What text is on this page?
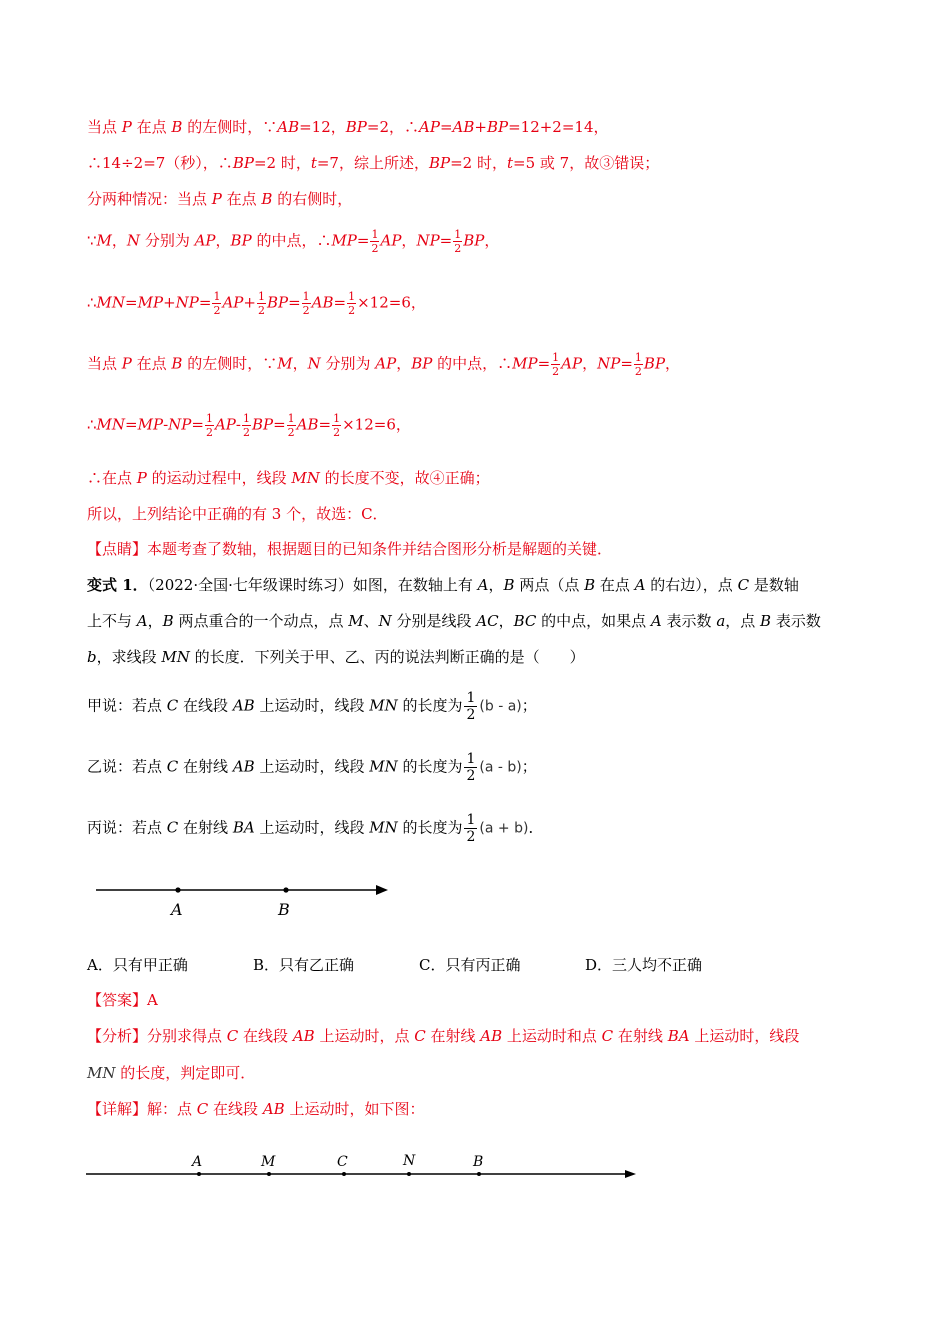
当点 P 在点 B 的左侧时，∵AB=12，BP=2，∴AP=AB+BP=12+2=14，
∴14÷2=7（秒），∴BP=2 时，t=7，综上所述，BP=2 时，t=5 或 7，故③错误；
分两种情况：当点 P 在点 B 的右侧时，
∵M，N 分别为 AP，BP 的中点，∴MP= $\frac{1}{2}$ AP，$NP= \frac{1}{2}$ BP，
∴MN=MP+NP= $\frac{1}{2} AP+ \frac{1}{2} BP= \frac{1}{2} AB= \frac{1}{2} \times 12=6$，
当点 P 在点 B 的左侧时，∵M，N 分别为 AP，BP 的中点，∴MP= $\frac{1}{2}$ AP，$NP= \frac{1}{2}$ BP，
∴MN=MP-NP= $\frac{1}{2} AP- \frac{1}{2} BP= \frac{1}{2} AB= \frac{1}{2} \times 12=6$，
∴在点 P 的运动过程中，线段 MN 的长度不变，故④正确；
所以，上列结论中正确的有 3 个，故选：C．
【点睛】本题考查了数轴，根据题目的已知条件并结合图形分析是解题的关键．
变式 1．（2022·全国·七年级课时练习）如图，在数轴上有 A，B 两点（点 B 在点 A 的右边），点 C 是数轴
上不与 A，B 两点重合的一个动点，点 M、N 分别是线段 AC，BC 的中点，如果点 A 表示数 a，点 B 表示数
b，求线段 MN 的长度．下列关于甲、乙、丙的说法判断正确的是（　　）
甲说：若点 C 在线段 AB 上运动时，线段 MN 的长度为 $\frac{1}{2} (b - a)$；
乙说：若点 C 在射线 AB 上运动时，线段 MN 的长度为 $\frac{1}{2} (a - b)$；
丙说：若点 C 在射线 BA 上运动时，线段 MN 的长度为 $\frac{1}{2} (a + b)$．
A	B
A．只有甲正确	B．只有乙正确	C．只有丙正确	D．三人均不正确
【答案】A
【分析】分别求得点 C 在线段 AB 上运动时，点 C 在射线 AB 上运动时和点 C 在射线 BA 上运动时，线段
MN 的长度，判定即可．
【详解】解：点 C 在线段 AB 上运动时，如下图：
A	M	C	N	B
